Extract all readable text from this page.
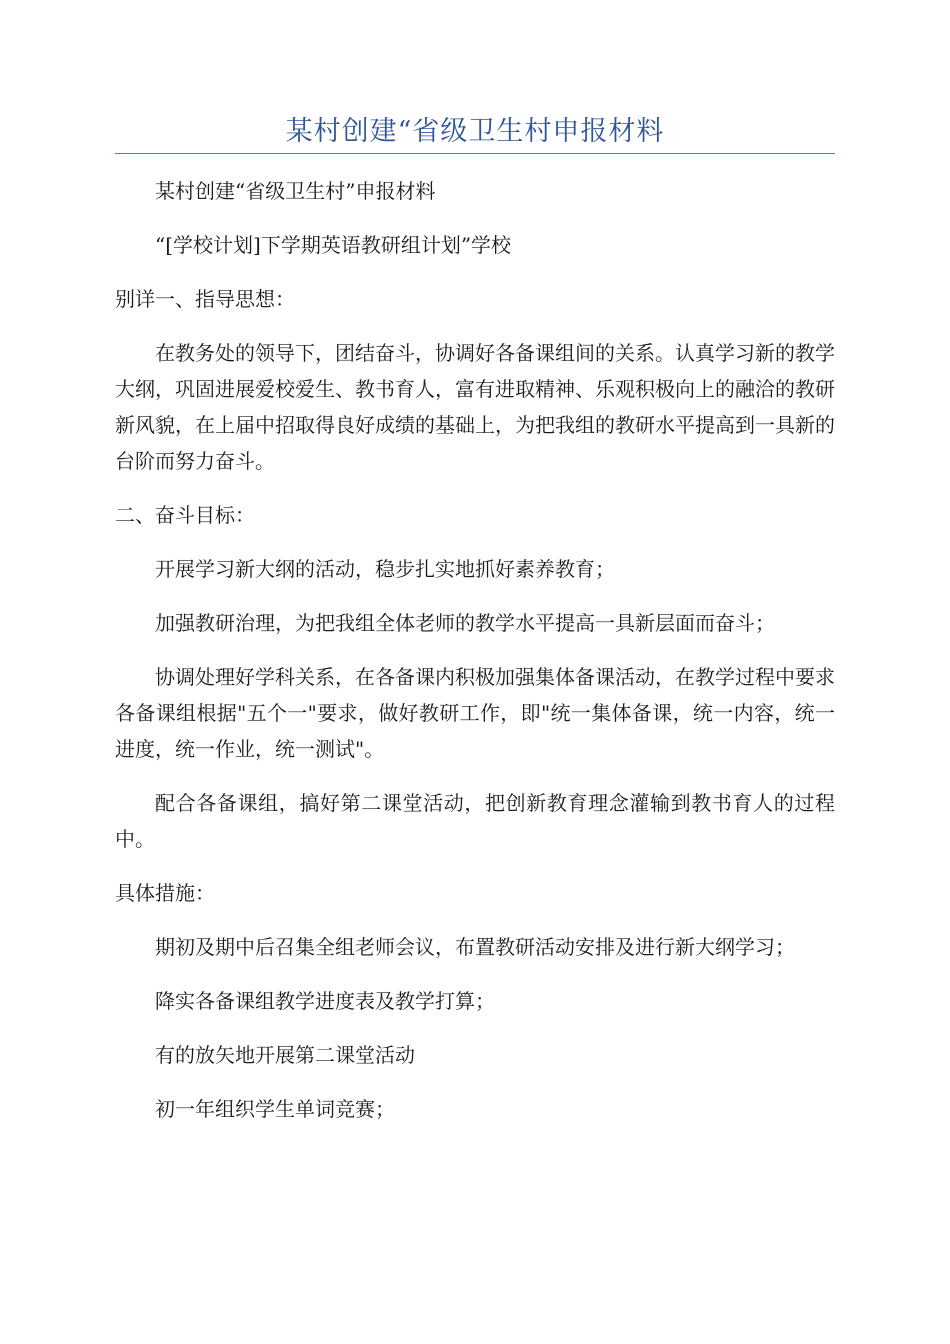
某村创建“省级卫生村申报材料

某村创建“省级卫生村”申报材料

“[学校计划]下学期英语教研组计划”学校

别详一、指导思想：

在教务处的领导下，团结奋斗，协调好各备课组间的关系。认真学习新的教学大纲，巩固进展爱校爱生、教书育人，富有进取精神、乐观积极向上的融洽的教研新风貌，在上届中招取得良好成绩的基础上，为把我组的教研水平提高到一具新的台阶而努力奋斗。

二、奋斗目标：

开展学习新大纲的活动，稳步扎实地抓好素养教育；

加强教研治理，为把我组全体老师的教学水平提高一具新层面而奋斗；

协调处理好学科关系，在各备课内积极加强集体备课活动，在教学过程中要求各备课组根据"五个一"要求，做好教研工作，即"统一集体备课，统一内容，统一进度，统一作业，统一测试"。

配合各备课组，搞好第二课堂活动，把创新教育理念灌输到教书育人的过程中。

具体措施：

期初及期中后召集全组老师会议，布置教研活动安排及进行新大纲学习；

降实各备课组教学进度表及教学打算；

有的放矢地开展第二课堂活动

初一年组织学生单词竞赛；
